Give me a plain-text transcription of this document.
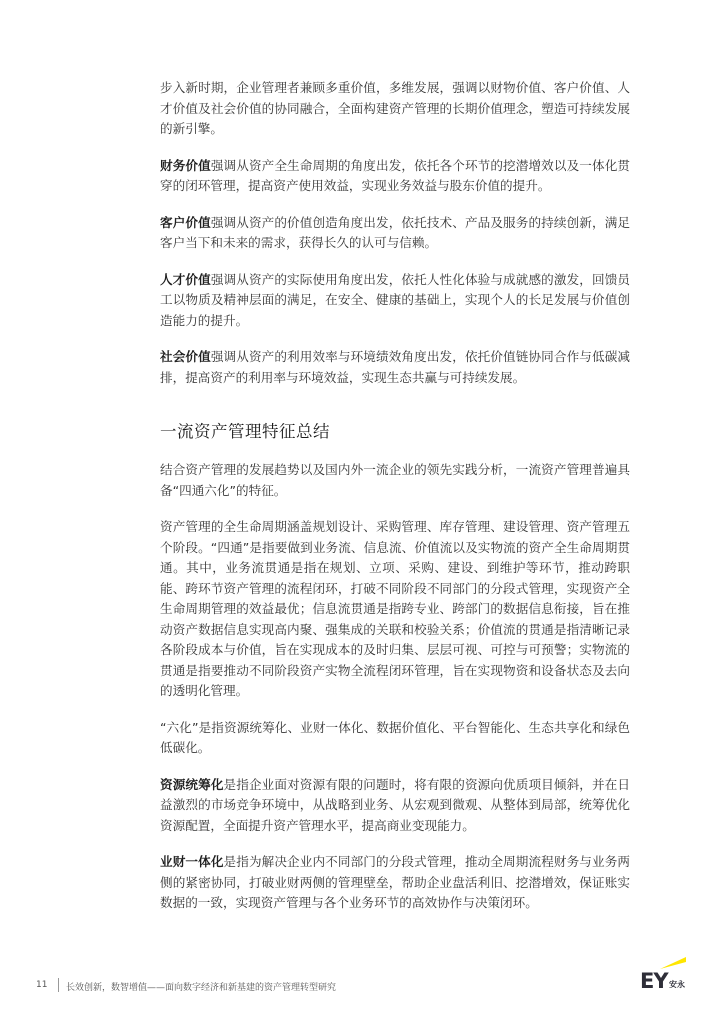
步入新时期，企业管理者兼顾多重价值，多维发展，强调以财物价值、客户价值、人才价值及社会价值的协同融合，全面构建资产管理的长期价值理念，塑造可持续发展的新引擎。

财务价值强调从资产全生命周期的角度出发，依托各个环节的挖潜增效以及一体化贯穿的闭环管理，提高资产使用效益，实现业务效益与股东价值的提升。

客户价值强调从资产的价值创造角度出发，依托技术、产品及服务的持续创新，满足客户当下和未来的需求，获得长久的认可与信赖。

人才价值强调从资产的实际使用角度出发，依托人性化体验与成就感的激发，回馈员工以物质及精神层面的满足，在安全、健康的基础上，实现个人的长足发展与价值创造能力的提升。

社会价值强调从资产的利用效率与环境绩效角度出发，依托价值链协同合作与低碳减排，提高资产的利用率与环境效益，实现生态共赢与可持续发展。

一流资产管理特征总结

结合资产管理的发展趋势以及国内外一流企业的领先实践分析，一流资产管理普遍具备“四通六化”的特征。

资产管理的全生命周期涵盖规划设计、采购管理、库存管理、建设管理、资产管理五个阶段。“四通”是指要做到业务流、信息流、价值流以及实物流的资产全生命周期贯通。其中，业务流贯通是指在规划、立项、采购、建设、到维护等环节，推动跨职能、跨环节资产管理的流程闭环，打破不同阶段不同部门的分段式管理，实现资产全生命周期管理的效益最优；信息流贯通是指跨专业、跨部门的数据信息衔接，旨在推动资产数据信息实现高内聚、强集成的关联和校验关系；价值流的贯通是指清晰记录各阶段成本与价值，旨在实现成本的及时归集、层层可视、可控与可预警；实物流的贯通是指要推动不同阶段资产实物全流程闭环管理，旨在实现物资和设备状态及去向的透明化管理。

“六化”是指资源统筹化、业财一体化、数据价值化、平台智能化、生态共享化和绿色低碳化。

资源统筹化是指企业面对资源有限的问题时，将有限的资源向优质项目倾斜，并在日益激烈的市场竞争环境中，从战略到业务、从宏观到微观、从整体到局部，统筹优化资源配置，全面提升资产管理水平，提高商业变现能力。

业财一体化是指为解决企业内不同部门的分段式管理，推动全周期流程财务与业务两侧的紧密协同，打破业财两侧的管理壁垒，帮助企业盘活利旧、挖潜增效，保证账实数据的一致，实现资产管理与各个业务环节的高效协作与决策闭环。

11 长效创新，数智增值——面向数字经济和新基建的资产管理转型研究	EY 安永
